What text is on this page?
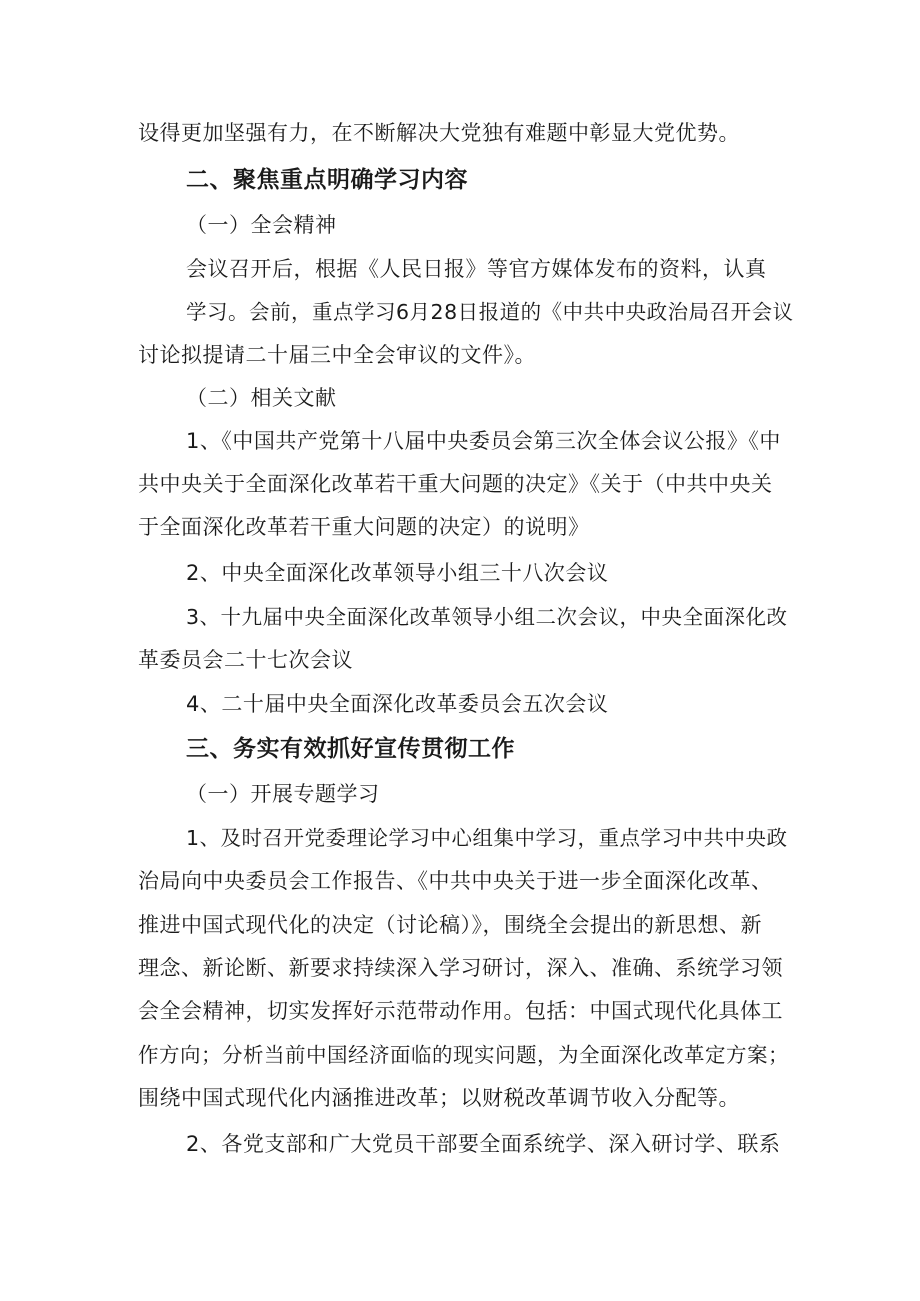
设得更加坚强有力，在不断解决大党独有难题中彰显大党优势。
二、聚焦重点明确学习内容
（一）全会精神
会议召开后，根据《人民日报》等官方媒体发布的资料，认真
学习。会前，重点学习6月28日报道的《中共中央政治局召开会议
讨论拟提请二十届三中全会审议的文件》。
（二）相关文献
1、《中国共产党第十八届中央委员会第三次全体会议公报》《中
共中央关于全面深化改革若干重大问题的决定》《关于（中共中央关
于全面深化改革若干重大问题的决定）的说明》
2、中央全面深化改革领导小组三十八次会议
3、十九届中央全面深化改革领导小组二次会议，中央全面深化改
革委员会二十七次会议
4、二十届中央全面深化改革委员会五次会议
三、务实有效抓好宣传贯彻工作
（一）开展专题学习
1、及时召开党委理论学习中心组集中学习，重点学习中共中央政
治局向中央委员会工作报告、《中共中央关于进一步全面深化改革、
推进中国式现代化的决定（讨论稿）》，围绕全会提出的新思想、新
理念、新论断、新要求持续深入学习研讨，深入、准确、系统学习领
会全会精神，切实发挥好示范带动作用。包括：中国式现代化具体工
作方向；分析当前中国经济面临的现实问题，为全面深化改革定方案；
围绕中国式现代化内涵推进改革；以财税改革调节收入分配等。
2、各党支部和广大党员干部要全面系统学、深入研讨学、联系
